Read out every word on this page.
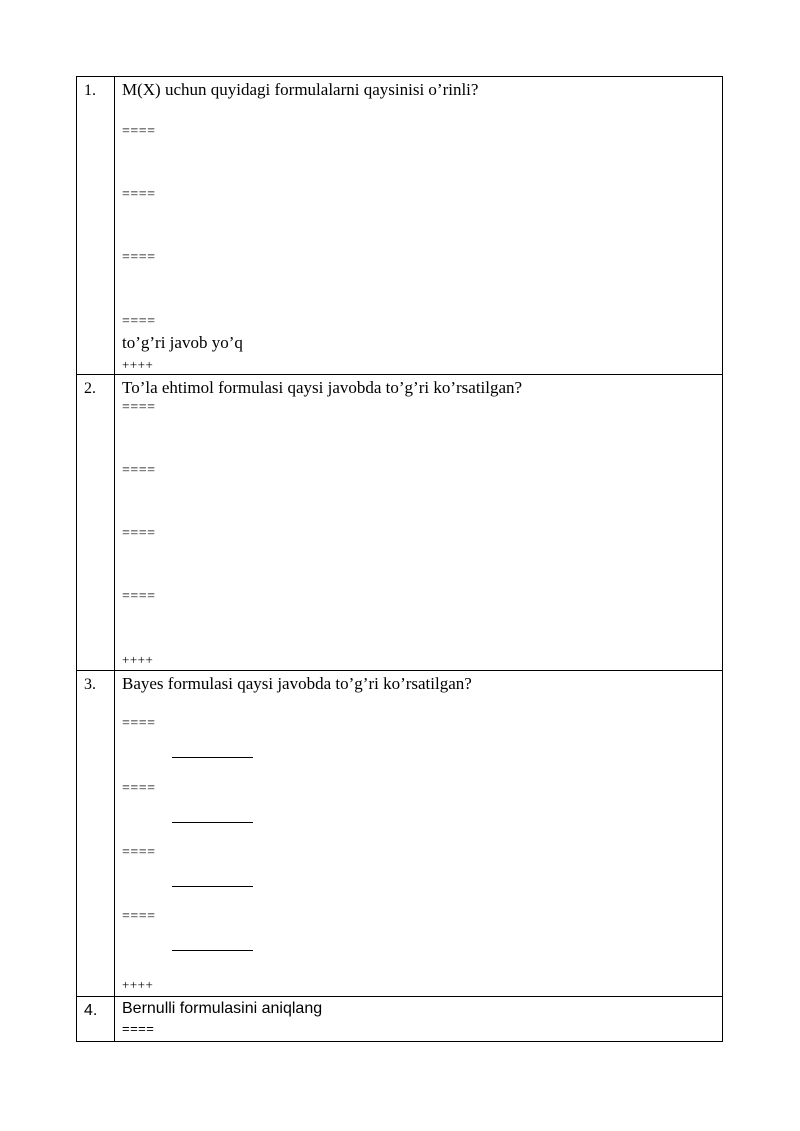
1. M(X) uchun quyidagi formulalarni qaysinisi o’rinli?
====
====
====
====
to’g’ri javob yo’q
++++
2. To’la ehtimol formulasi qaysi javobda to’g’ri ko’rsatilgan?
====
====
====
====
++++
3. Bayes formulasi qaysi javobda to’g’ri ko’rsatilgan?
====
====
====
====
++++
4. Bernulli formulasini aniqlang
====
